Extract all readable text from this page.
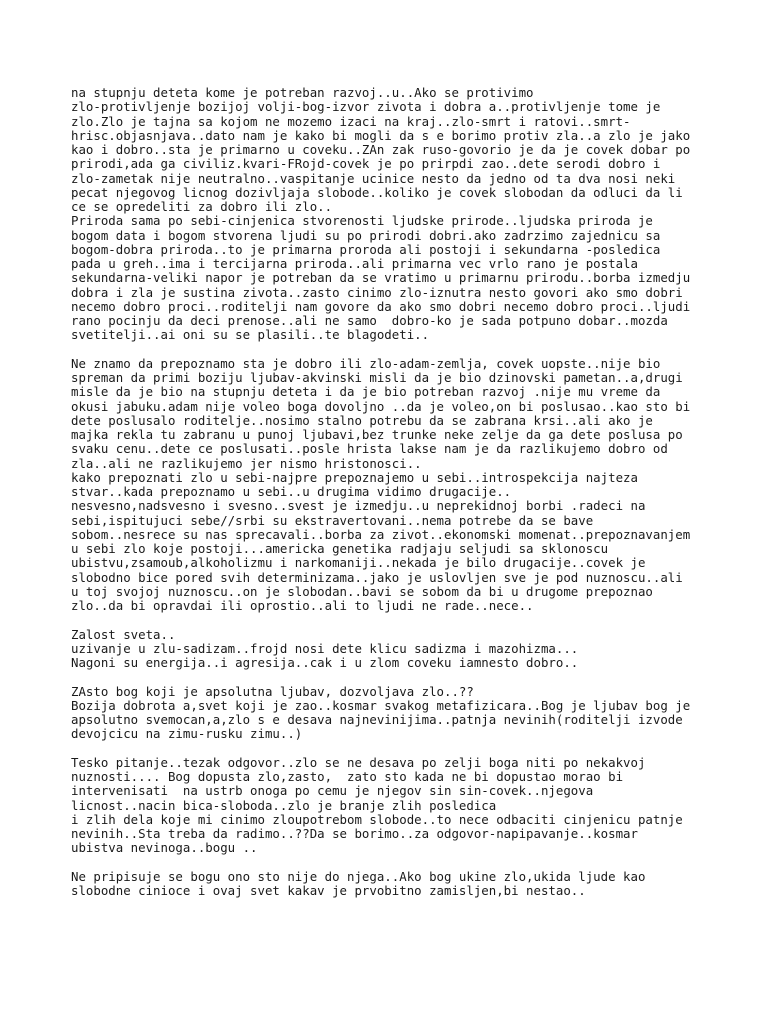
na stupnju deteta kome je potreban razvoj..u..Ako se protivimo
zlo-protivljenje bozijoj volji-bog-izvor zivota i dobra a..protivljenje tome je
zlo.Zlo je tajna sa kojom ne mozemo izaci na kraj..zlo-smrt i ratovi..smrt-
hrisc.objasnjava..dato nam je kako bi mogli da s e borimo protiv zla..a zlo je jako
kao i dobro..sta je primarno u coveku..ZAn zak ruso-govorio je da je covek dobar po
prirodi,ada ga civiliz.kvari-FRojd-covek je po prirpdi zao..dete serodi dobro i
zlo-zametak nije neutralno..vaspitanje ucinice nesto da jedno od ta dva nosi neki
pecat njegovog licnog dozivljaja slobode..koliko je covek slobodan da odluci da li
ce se opredeliti za dobro ili zlo..
Priroda sama po sebi-cinjenica stvorenosti ljudske prirode..ljudska priroda je
bogom data i bogom stvorena ljudi su po prirodi dobri.ako zadrzimo zajednicu sa
bogom-dobra priroda..to je primarna proroda ali postoji i sekundarna -posledica
pada u greh..ima i tercijarna priroda..ali primarna vec vrlo rano je postala
sekundarna-veliki napor je potreban da se vratimo u primarnu prirodu..borba izmedju
dobra i zla je sustina zivota..zasto cinimo zlo-iznutra nesto govori ako smo dobri
necemo dobro proci..roditelji nam govore da ako smo dobri necemo dobro proci..ljudi
rano pocinju da deci prenose..ali ne samo  dobro-ko je sada potpuno dobar..mozda
svetitelji..ai oni su se plasili..te blagodeti..
Ne znamo da prepoznamo sta je dobro ili zlo-adam-zemlja, covek uopste..nije bio
spreman da primi boziju ljubav-akvinski misli da je bio dzinovski pametan..a,drugi
misle da je bio na stupnju deteta i da je bio potreban razvoj .nije mu vreme da
okusi jabuku.adam nije voleo boga dovoljno ..da je voleo,on bi poslusao..kao sto bi
dete poslusalo roditelje..nosimo stalno potrebu da se zabrana krsi..ali ako je
majka rekla tu zabranu u punoj ljubavi,bez trunke neke zelje da ga dete poslusa po
svaku cenu..dete ce poslusati..posle hrista lakse nam je da razlikujemo dobro od
zla..ali ne razlikujemo jer nismo hristonosci..
kako prepoznati zlo u sebi-najpre prepoznajemo u sebi..introspekcija najteza
stvar..kada prepoznamo u sebi..u drugima vidimo drugacije..
nesvesno,nadsvesno i svesno..svest je izmedju..u neprekidnoj borbi .radeci na
sebi,ispitujuci sebe//srbi su ekstravertovani..nema potrebe da se bave
sobom..nesrece su nas sprecavali..borba za zivot..ekonomski momenat..prepoznavanjem
u sebi zlo koje postoji...americka genetika radjaju seljudi sa sklonoscu
ubistvu,zsamoub,alkoholizmu i narkomaniji..nekada je bilo drugacije..covek je
slobodno bice pored svih determinizama..jako je uslovljen sve je pod nuznoscu..ali
u toj svojoj nuznoscu..on je slobodan..bavi se sobom da bi u drugome prepoznao
zlo..da bi opravdai ili oprostio..ali to ljudi ne rade..nece..
Zalost sveta..
uzivanje u zlu-sadizam..frojd nosi dete klicu sadizma i mazohizma...
Nagoni su energija..i agresija..cak i u zlom coveku iamnesto dobro..
ZAsto bog koji je apsolutna ljubav, dozvoljava zlo..??
Bozija dobrota a,svet koji je zao..kosmar svakog metafizicara..Bog je ljubav bog je
apsolutno svemocan,a,zlo s e desava najnevinijima..patnja nevinih(roditelji izvode
devojcicu na zimu-rusku zimu..)
Tesko pitanje..tezak odgovor..zlo se ne desava po zelji boga niti po nekakvoj
nuznosti.... Bog dopusta zlo,zasto,  zato sto kada ne bi dopustao morao bi
intervenisati  na ustrb onoga po cemu je njegov sin sin-covek..njegova
licnost..nacin bica-sloboda..zlo je branje zlih posledica
i zlih dela koje mi cinimo zloupotrebom slobode..to nece odbaciti cinjenicu patnje
nevinih..Sta treba da radimo..??Da se borimo..za odgovor-napipavanje..kosmar
ubistva nevinoga..bogu ..
Ne pripisuje se bogu ono sto nije do njega..Ako bog ukine zlo,ukida ljude kao
slobodne cinioce i ovaj svet kakav je prvobitno zamisljen,bi nestao..
